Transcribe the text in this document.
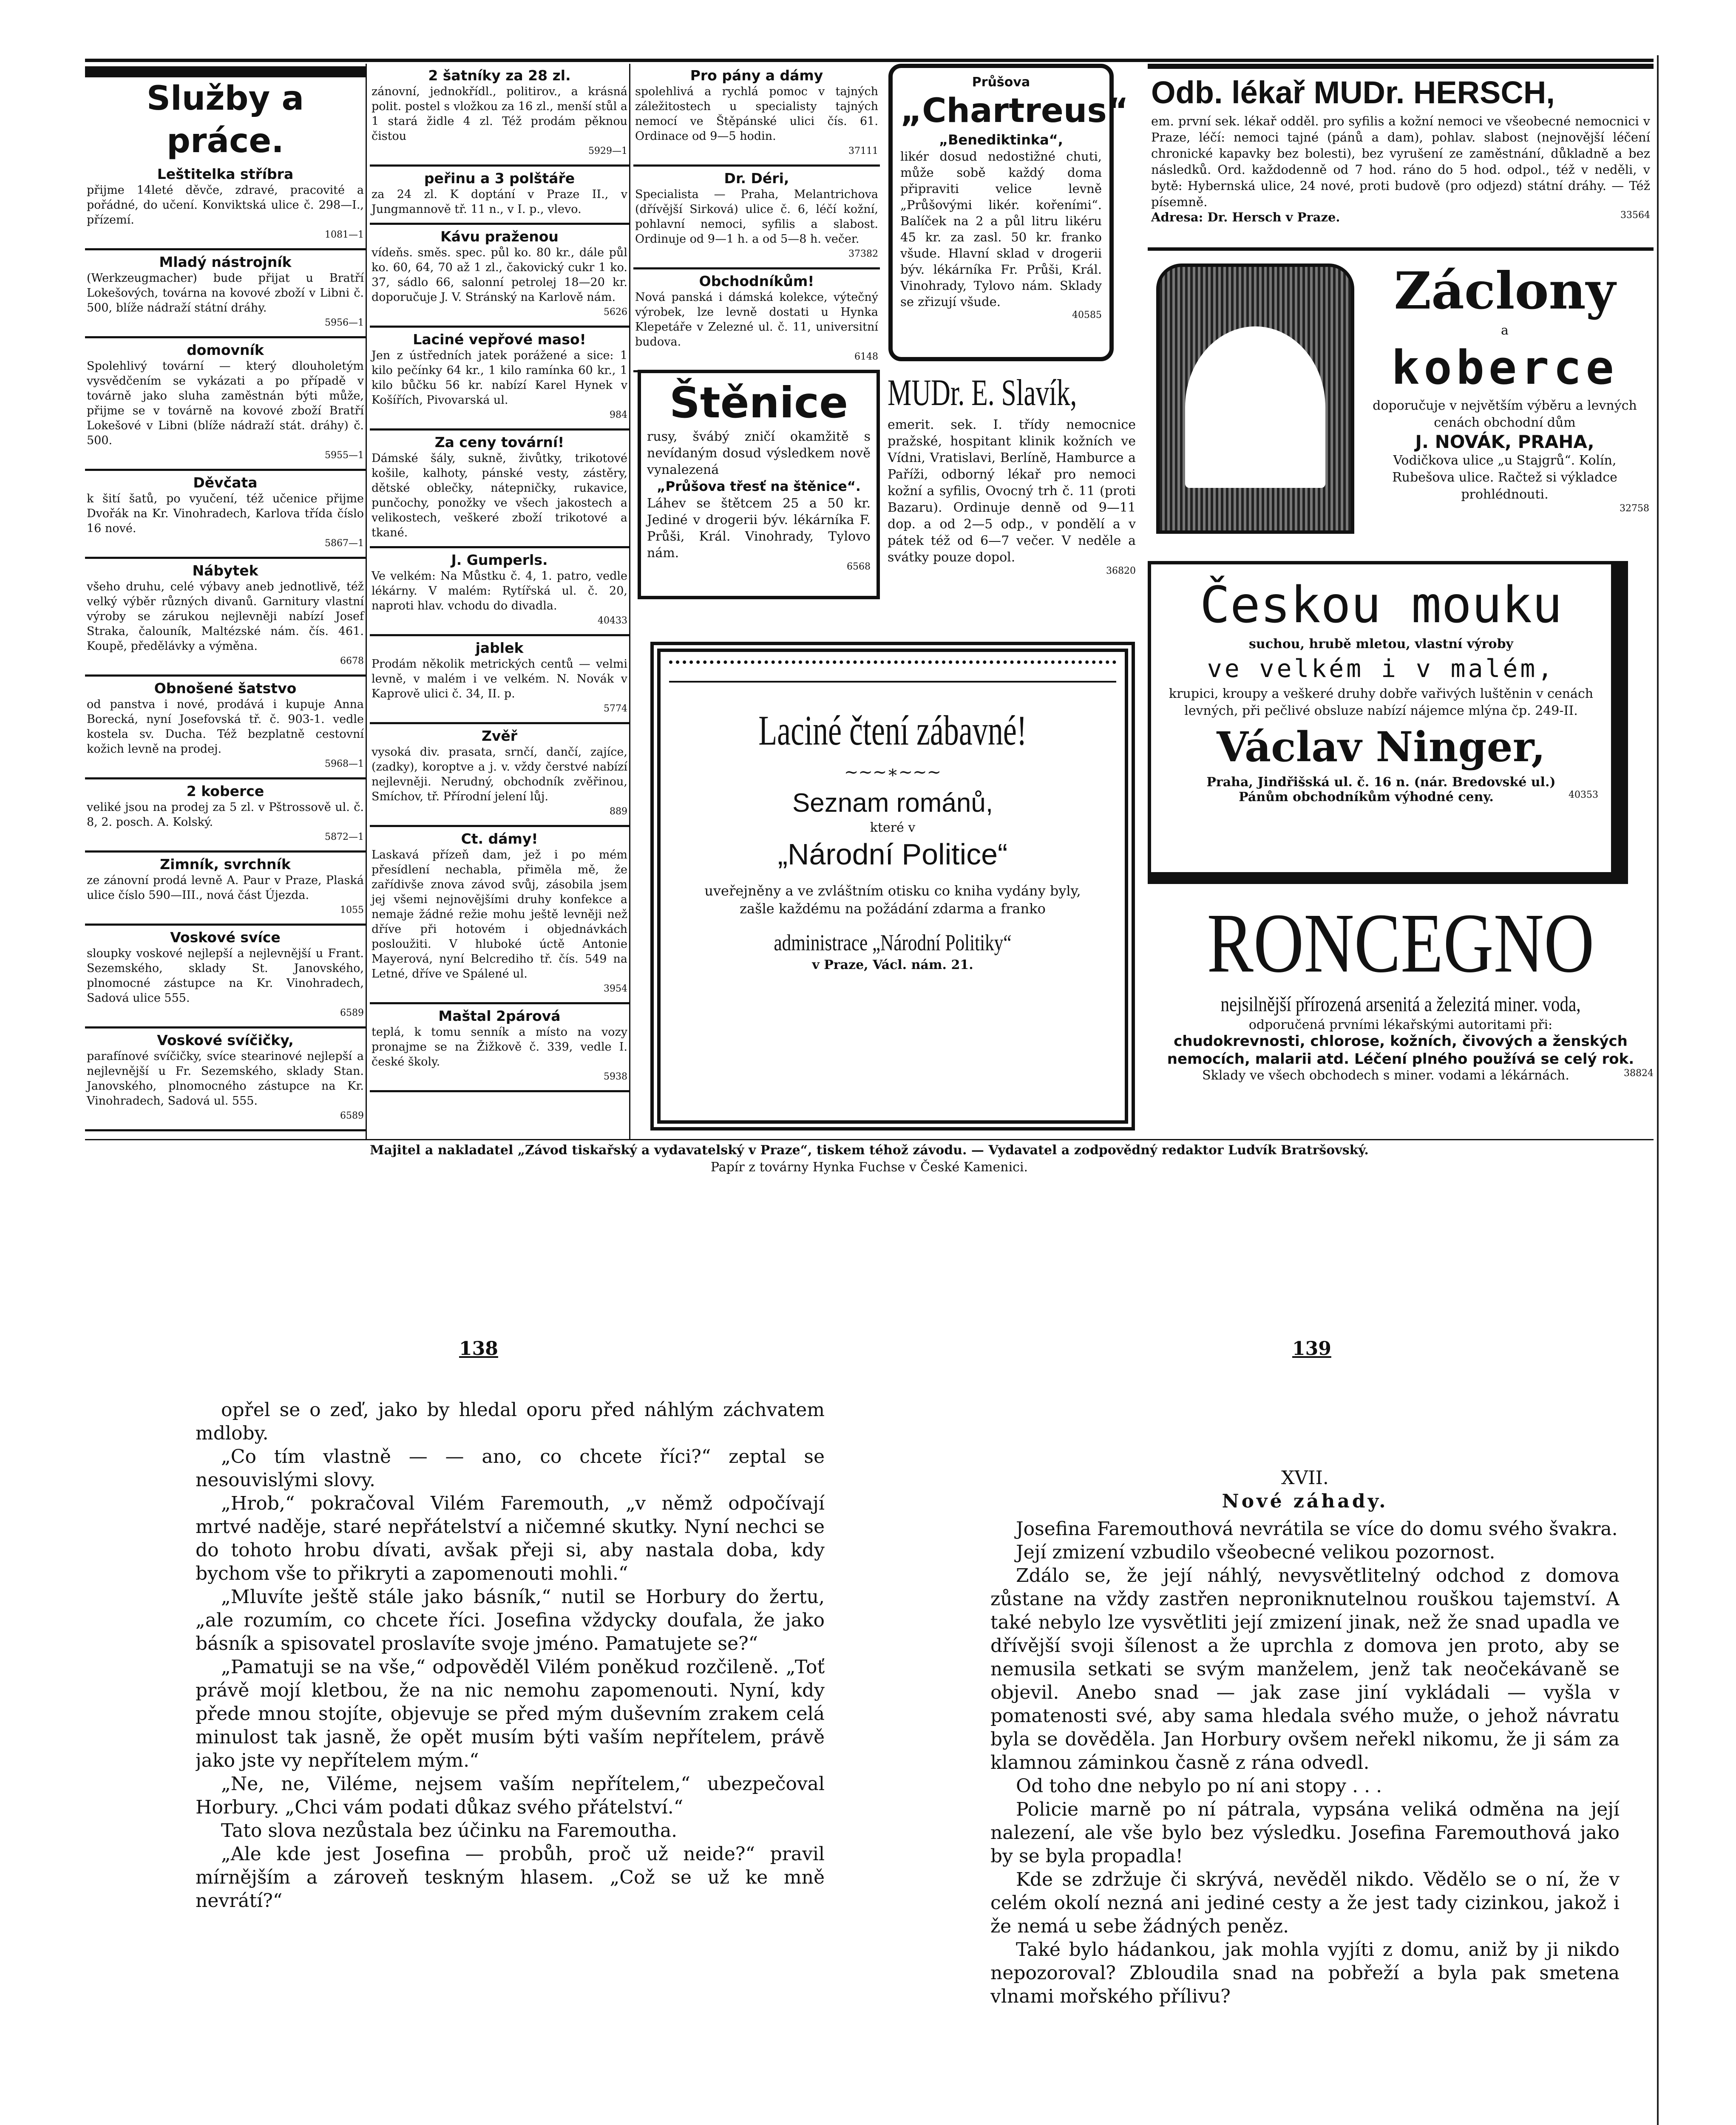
Služby a práce.
Leštitelka stříbra
přijme 14leté děvče, zdravé, pracovité a pořádné, do učení. Konviktská ulice č. 298—I., přízemí.
1081—1
Mladý nástrojník
(Werkzeugmacher) bude přijat u Bratří Lokešových, továrna na kovové zboží v Libni č. 500, blíže nádraží státní dráhy.
5956—1
domovník
Spolehlivý tovární — který dlouholetým vysvědčením se vykázati a po případě v továrně jako sluha zaměstnán býti může, přijme se v továrně na kovové zboží Bratří Lokešové v Libni (blíže nádraží stát. dráhy) č. 500.
5955—1
Děvčata
k šití šatů, po vyučení, též učenice přijme Dvořák na Kr. Vinohradech, Karlova třída číslo 16 nové.
5867—1
Nábytek
všeho druhu, celé výbavy aneb jednotlivě, též velký výběr různých divanů. Garnitury vlastní výroby se zárukou nejlevněji nabízí Josef Straka, čalouník, Maltézské nám. čís. 461. Koupě, předělávky a výměna.
6678
Obnošené šatstvo
od panstva i nové, prodává i kupuje Anna Borecká, nyní Josefovská tř. č. 903-1. vedle kostela sv. Ducha. Též bezplatně cestovní kožich levně na prodej.
5968—1
2 koberce
veliké jsou na prodej za 5 zl. v Pštrossově ul. č. 8, 2. posch. A. Kolský.
5872—1
Zimník, svrchník
ze zánovní prodá levně A. Paur v Praze, Plaská ulice číslo 590—III., nová část Újezda.
1055
Voskové svíce
sloupky voskové nejlepší a nejlevnější u Frant. Sezemského, sklady St. Janovského, plnomocné zástupce na Kr. Vinohradech, Sadová ulice 555.
6589
Voskové svíčičky,
parafínové svíčičky, svíce stearinové nejlepší a nejlevnější u Fr. Sezemského, sklady Stan. Janovského, plnomocného zástupce na Kr. Vinohradech, Sadová ul. 555.
6589
2 šatníky za 28 zl.
zánovní, jednokřídl., politirov., a krásná polit. postel s vložkou za 16 zl., menší stůl a 1 stará židle 4 zl. Též prodám pěknou čistou
5929—1
peřinu a 3 polštáře
za 24 zl. K doptání v Praze II., v Jungmannově tř. 11 n., v I. p., vlevo.
Kávu praženou
vídeňs. směs. spec. půl ko. 80 kr., dále půl ko. 60, 64, 70 až 1 zl., čakovický cukr 1 ko. 37, sádlo 66, salonní petrolej 18—20 kr. doporučuje J. V. Stránský na Karlově nám.
5626
Laciné vepřové maso!
Jen z ústředních jatek porážené a sice: 1 kilo pečínky 64 kr., 1 kilo ramínka 60 kr., 1 kilo bůčku 56 kr. nabízí Karel Hynek v Košířích, Pivovarská ul.
984
Za ceny tovární!
Dámské šály, sukně, živůtky, trikotové košile, kalhoty, pánské vesty, zástěry, dětské oblečky, nátepničky, rukavice, punčochy, ponožky ve všech jakostech a velikostech, veškeré zboží trikotové a tkané.
J. Gumperls.
Ve velkém: Na Můstku č. 4, 1. patro, vedle lékárny. V malém: Rytířská ul. č. 20, naproti hlav. vchodu do divadla.
40433
jablek
Prodám několik metrických centů — velmi levně, v malém i ve velkém. N. Novák v Kaprově ulici č. 34, II. p.
5774
Zvěř
vysoká div. prasata, srnčí, dančí, zajíce, (zadky), koroptve a j. v. vždy čerstvé nabízí nejlevněji. Nerudný, obchodník zvěřinou, Smíchov, tř. Přírodní jelení lůj.
889
Ct. dámy!
Laskavá přízeň dam, jež i po mém přesídlení nechabla, přiměla mě, že zařídivše znova závod svůj, zásobila jsem jej všemi nejnovějšími druhy konfekce a nemaje žádné režie mohu ještě levněji než dříve při hotovém i objednávkách posloužiti. V hluboké úctě Antonie Mayerová, nyní Belcrediho tř. čís. 549 na Letné, dříve ve Spálené ul.
3954
Maštal 2párová
teplá, k tomu senník a místo na vozy pronajme se na Žižkově č. 339, vedle I. české školy.
5938
Pro pány a dámy
spolehlivá a rychlá pomoc v tajných záležitostech u specialisty tajných nemocí ve Štěpánské ulici čís. 61. Ordinace od 9—5 hodin.
37111
Dr. Déri,
Specialista — Praha, Melantrichova (dřívější Sirková) ulice č. 6, léčí kožní, pohlavní nemoci, syfilis a slabost. Ordinuje od 9—1 h. a od 5—8 h. večer.
37382
Obchodníkům!
Nová panská i dámská kolekce, výtečný výrobek, lze levně dostati u Hynka Klepetáře v Zelezné ul. č. 11, universitní budova.
6148
Štěnice
rusy, švábý zničí okamžitě s nevídaným dosud výsledkem nově vynalezená
„Průšova třesť na štěnice“.
Láhev se štětcem 25 a 50 kr. Jediné v drogerii býv. lékárníka F. Průši, Král. Vinohrady, Tylovo nám.
6568
Průšova
„Chartreus“
„Benediktinka“,
likér dosud nedostižné chuti, může sobě každý doma připraviti velice levně „Průšovými likér. kořeními“. Balíček na 2 a půl litru likéru 45 kr. za zasl. 50 kr. franko všude. Hlavní sklad v drogerii býv. lékárníka Fr. Průši, Král. Vinohrady, Tylovo nám. Sklady se zřizují všude.
40585
MUDr. E. Slavík,
emerit. sek. I. třídy nemocnice pražské, hospitant klinik kožních ve Vídni, Vratislavi, Berlíně, Hamburce a Paříži, odborný lékař pro nemoci kožní a syfilis, Ovocný trh č. 11 (proti Bazaru). Ordinuje denně od 9—11 dop. a od 2—5 odp., v pondělí a v pátek též od 6—7 večer. V neděle a svátky pouze dopol.
36820
Laciné čtení zábavné!
~~~∗~~~
Seznam románů,
které v
„Národní Politice“
uveřejněny a ve zvláštním otisku co kniha vydány byly, zašle každému na požádání zdarma a franko
administrace „Národní Politiky“
v Praze, Václ. nám. 21.
Odb. lékař MUDr. HERSCH,
em. první sek. lékař odděl. pro syfilis a kožní nemoci ve všeobecné nemocnici v Praze, léčí: nemoci tajné (pánů a dam), pohlav. slabost (nejnovější léčení chronické kapavky bez bolesti), bez vyrušení ze zaměstnání, důkladně a bez následků. Ord. každodenně od 7 hod. ráno do 5 hod. odpol., též v neděli, v bytě: Hybernská ulice, 24 nové, proti budově (pro odjezd) státní dráhy. — Též písemně.
Adresa: Dr. Hersch v Praze.	33564
Záclony
a
koberce
doporučuje v největším výběru a levných cenách obchodní dům
J. NOVÁK, PRAHA,
Vodičkova ulice „u Stajgrů“. Kolín, Rubešova ulice. Račtež si výkladce prohlédnouti.
32758
Českou mouku
suchou, hrubě mletou, vlastní výroby
ve velkém i v malém,
krupici, kroupy a veškeré druhy dobře vařivých luštěnin v cenách levných, při pečlivé obsluze nabízí nájemce mlýna čp. 249-II.
Václav Ninger,
Praha, Jindřišská ul. č. 16 n. (nár. Bredovské ul.)
Pánům obchodníkům výhodné ceny.	40353
RONCEGNO
nejsilnější přírozená arsenitá a železitá miner. voda,
odporučená prvními lékařskými autoritami při:
chudokrevnosti, chlorose, kožních, čivových a ženských nemocích, malarii atd. Léčení plného používá se celý rok.
Sklady ve všech obchodech s miner. vodami a lékárnách.	38824
Majitel a nakladatel „Závod tiskařský a vydavatelský v Praze“, tiskem téhož závodu. — Vydavatel a zodpovědný redaktor Ludvík Bratršovský.
Papír z továrny Hynka Fuchse v České Kamenici.
138	139

opřel se o zeď, jako by hledal oporu před náhlým záchvatem mdloby.

„Co tím vlastně — — ano, co chcete říci?“ zeptal se nesouvislými slovy.

„Hrob,“ pokračoval Vilém Faremouth, „v němž odpočívají mrtvé naděje, staré nepřátelství a ničemné skutky. Nyní nechci se do tohoto hrobu dívati, avšak přeji si, aby nastala doba, kdy bychom vše to přikryti a zapomenouti mohli.“

„Mluvíte ještě stále jako básník,“ nutil se Horbury do žertu, „ale rozumím, co chcete říci. Josefina vždycky doufala, že jako básník a spisovatel proslavíte svoje jméno. Pamatujete se?“

„Pamatuji se na vše,“ odpověděl Vilém poněkud rozčileně. „Toť právě mojí kletbou, že na nic nemohu zapomenouti. Nyní, kdy přede mnou stojíte, objevuje se před mým duševním zrakem celá minulost tak jasně, že opět musím býti vaším nepřítelem, právě jako jste vy nepřítelem mým.“

„Ne, ne, Viléme, nejsem vaším nepřítelem,“ ubezpečoval Horbury. „Chci vám podati důkaz svého přátelství.“

Tato slova nezůstala bez účinku na Faremoutha.

„Ale kde jest Josefina — probůh, proč už neide?“ pravil mírnějším a zároveň teskným hlasem. „Což se už ke mně nevrátí?“

XVII.
Nové záhady.

Josefina Faremouthová nevrátila se více do domu svého švakra.

Její zmizení vzbudilo všeobecné velikou pozornost.

Zdálo se, že její náhlý, nevysvětlitelný odchod z domova zůstane na vždy zastřen neproniknutelnou rouškou tajemství. A také nebylo lze vysvětliti její zmizení jinak, než že snad upadla ve dřívější svoji šílenost a že uprchla z domova jen proto, aby se nemusila setkati se svým manželem, jenž tak neočekávaně se objevil. Anebo snad — jak zase jiní vykládali — vyšla v pomatenosti své, aby sama hledala svého muže, o jehož návratu byla se dověděla. Jan Horbury ovšem neřekl nikomu, že ji sám za klamnou záminkou časně z rána odvedl.

Od toho dne nebylo po ní ani stopy . . .

Policie marně po ní pátrala, vypsána veliká odměna na její nalezení, ale vše bylo bez výsledku. Josefina Faremouthová jako by se byla propadla!

Kde se zdržuje či skrývá, nevěděl nikdo. Vědělo se o ní, že v celém okolí nezná ani jediné cesty a že jest tady cizinkou, jakož i že nemá u sebe žádných peněz.

Také bylo hádankou, jak mohla vyjíti z domu, aniž by ji nikdo nepozoroval? Zbloudila snad na pobřeží a byla pak smetena vlnami mořského přílivu?
